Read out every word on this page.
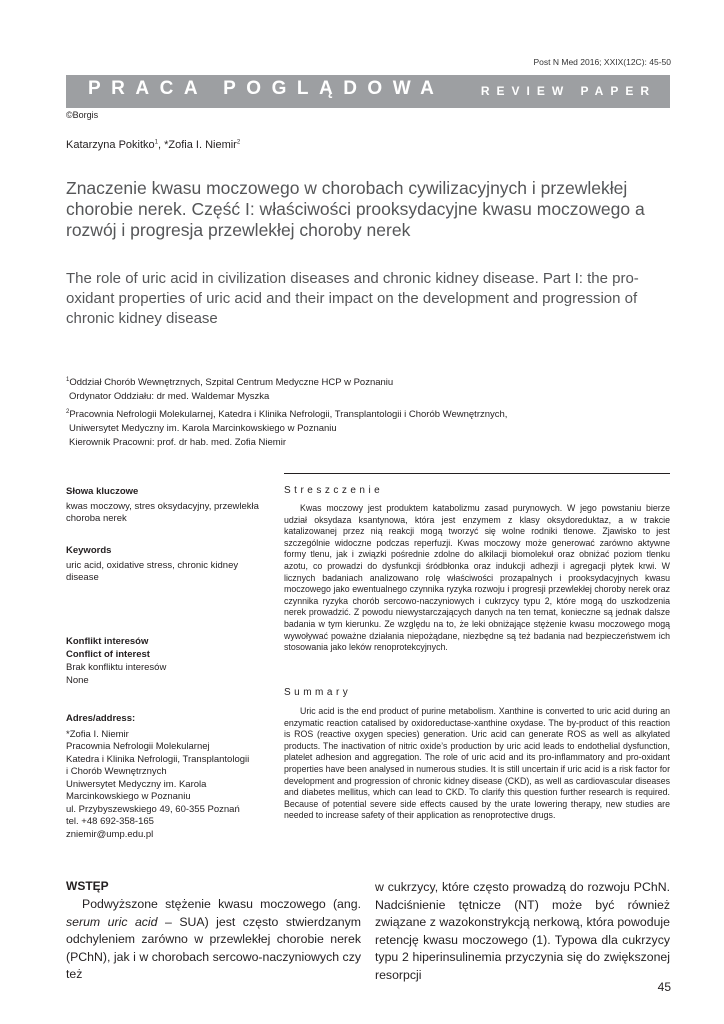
Post N Med 2016; XXIX(12C): 45-50
PRACA POGLĄDOWA	REVIEW PAPER
©Borgis
Katarzyna Pokitko$^1$, *Zofia I. Niemir$^2$
Znaczenie kwasu moczowego w chorobach cywilizacyjnych i przewlekłej chorobie nerek. Część I: właściwości prooksydacyjne kwasu moczowego a rozwój i progresja przewlekłej choroby nerek
The role of uric acid in civilization diseases and chronic kidney disease. Part I: the pro-oxidant properties of uric acid and their impact on the development and progression of chronic kidney disease
$^1$Oddział Chorób Wewnętrznych, Szpital Centrum Medyczne HCP w Poznaniu
Ordynator Oddziału: dr med. Waldemar Myszka
$^2$Pracownia Nefrologii Molekularnej, Katedra i Klinika Nefrologii, Transplantologii i Chorób Wewnętrznych,
Uniwersytet Medyczny im. Karola Marcinkowskiego w Poznaniu
Kierownik Pracowni: prof. dr hab. med. Zofia Niemir
Słowa kluczowe
kwas moczowy, stres oksydacyjny, przewlekła choroba nerek
Keywords
uric acid, oxidative stress, chronic kidney disease
Konflikt interesów
Conflict of interest
Brak konfliktu interesów
None
Adres/address:
*Zofia I. Niemir
Pracownia Nefrologii Molekularnej
Katedra i Klinika Nefrologii, Transplantologii
i Chorób Wewnętrznych
Uniwersytet Medyczny im. Karola
Marcinkowskiego w Poznaniu
ul. Przybyszewskiego 49, 60-355 Poznań
tel. +48 692-358-165
zniemir@ump.edu.pl
Streszczenie

Kwas moczowy jest produktem katabolizmu zasad purynowych. W jego powstaniu bierze udział oksydaza ksantynowa, która jest enzymem z klasy oksydoreduktaz, a w trakcie katalizowanej przez nią reakcji mogą tworzyć się wolne rodniki tlenowe. Zjawisko to jest szczególnie widoczne podczas reperfuzji. Kwas moczowy może generować zarówno aktywne formy tlenu, jak i związki pośrednie zdolne do alkilacji biomolekuł oraz obniżać poziom tlenku azotu, co prowadzi do dysfunkcji śródbłonka oraz indukcji adhezji i agregacji płytek krwi. W licznych badaniach analizowano rolę właściwości prozapalnych i prooksydacyjnych kwasu moczowego jako ewentualnego czynnika ryzyka rozwoju i progresji przewlekłej choroby nerek oraz czynnika ryzyka chorób sercowo-naczyniowych i cukrzycy typu 2, które mogą do uszkodzenia nerek prowadzić. Z powodu niewystarczających danych na ten temat, konieczne są jednak dalsze badania w tym kierunku. Ze względu na to, że leki obniżające stężenie kwasu moczowego mogą wywoływać poważne działania niepożądane, niezbędne są też badania nad bezpieczeństwem ich stosowania jako leków renoprotekcyjnych.

Summary

Uric acid is the end product of purine metabolism. Xanthine is converted to uric acid during an enzymatic reaction catalised by oxidoreductase-xanthine oxydase. The by-product of this reaction is ROS (reactive oxygen species) generation. Uric acid can generate ROS as well as alkylated products. The inactivation of nitric oxide’s production by uric acid leads to endothelial dysfunction, platelet adhesion and aggregation. The role of uric acid and its pro-inflammatory and pro-oxidant properties have been analysed in numerous studies. It is still uncertain if uric acid is a risk factor for development and progression of chronic kidney disease (CKD), as well as cardiovascular diseases and diabetes mellitus, which can lead to CKD. To clarify this question further research is required. Because of potential severe side effects caused by the urate lowering therapy, new studies are needed to increase safety of their application as renoprotective drugs.

WSTĘP

Podwyższone stężenie kwasu moczowego (ang. serum uric acid – SUA) jest często stwierdzanym odchyleniem zarówno w przewlekłej chorobie nerek (PChN), jak i w chorobach sercowo-naczyniowych czy też

w cukrzycy, które często prowadzą do rozwoju PChN. Nadciśnienie tętnicze (NT) może być również związane z wazokonstrykcją nerkową, która powoduje retencję kwasu moczowego (1). Typowa dla cukrzycy typu 2 hiperinsulinemia przyczynia się do zwiększonej resorpcji

45
